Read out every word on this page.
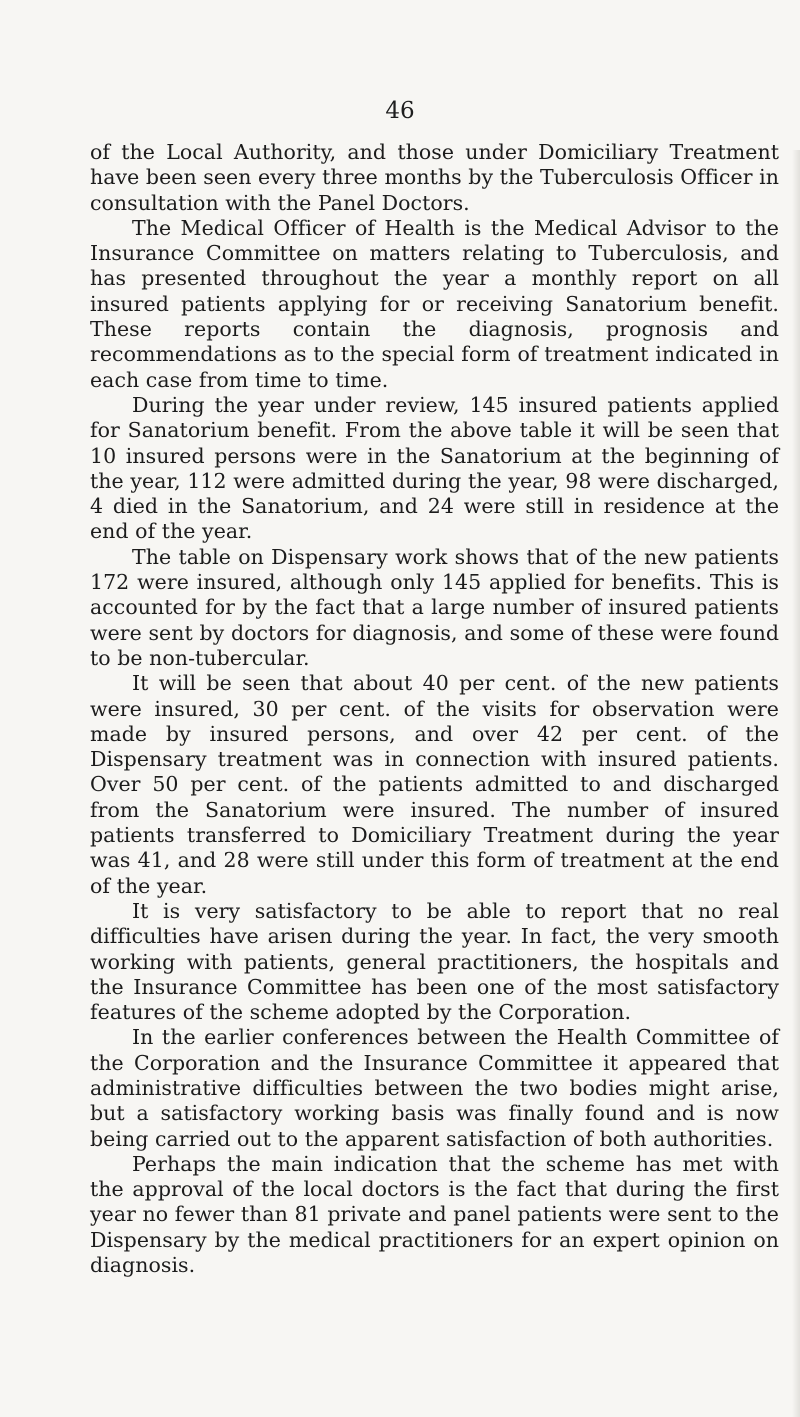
46

of the Local Authority, and those under Domiciliary Treatment have been seen every three months by the Tuberculosis Officer in consultation with the Panel Doctors.

The Medical Officer of Health is the Medical Advisor to the Insurance Committee on matters relating to Tuberculosis, and has presented throughout the year a monthly report on all insured patients applying for or receiving Sanatorium benefit. These reports contain the diagnosis, prognosis and recommendations as to the special form of treatment indicated in each case from time to time.

During the year under review, 145 insured patients applied for Sanatorium benefit. From the above table it will be seen that 10 insured persons were in the Sanatorium at the beginning of the year, 112 were admitted during the year, 98 were discharged, 4 died in the Sanatorium, and 24 were still in residence at the end of the year.

The table on Dispensary work shows that of the new patients 172 were insured, although only 145 applied for benefits. This is accounted for by the fact that a large number of insured patients were sent by doctors for diagnosis, and some of these were found to be non-tubercular.

It will be seen that about 40 per cent. of the new patients were insured, 30 per cent. of the visits for observation were made by insured persons, and over 42 per cent. of the Dispensary treatment was in connection with insured patients. Over 50 per cent. of the patients admitted to and discharged from the Sanatorium were insured. The number of insured patients transferred to Domiciliary Treatment during the year was 41, and 28 were still under this form of treatment at the end of the year.

It is very satisfactory to be able to report that no real difficulties have arisen during the year. In fact, the very smooth working with patients, general practitioners, the hospitals and the Insurance Committee has been one of the most satisfactory features of the scheme adopted by the Corporation.

In the earlier conferences between the Health Committee of the Corporation and the Insurance Committee it appeared that administrative difficulties between the two bodies might arise, but a satisfactory working basis was finally found and is now being carried out to the apparent satisfaction of both authorities.

Perhaps the main indication that the scheme has met with the approval of the local doctors is the fact that during the first year no fewer than 81 private and panel patients were sent to the Dispensary by the medical practitioners for an expert opinion on diagnosis.
